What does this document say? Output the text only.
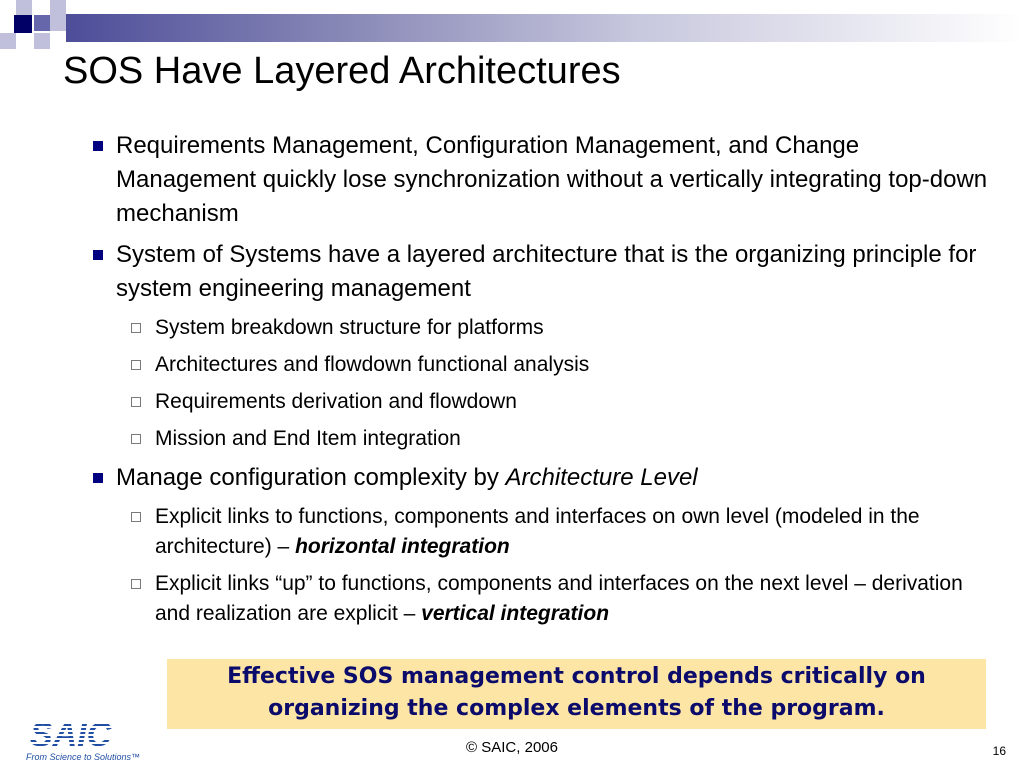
SOS Have Layered Architectures
Requirements Management, Configuration Management, and Change Management quickly lose synchronization without a vertically integrating top-down mechanism
System of Systems have a layered architecture that is the organizing principle for system engineering management
System breakdown structure for platforms
Architectures and flowdown functional analysis
Requirements derivation and flowdown
Mission and End Item integration
Manage configuration complexity by Architecture Level
Explicit links to functions, components and interfaces on own level (modeled in the architecture) – horizontal integration
Explicit links “up” to functions, components and interfaces on the next level – derivation and realization are explicit – vertical integration
Effective SOS management control depends critically on
organizing the complex elements of the program.
SAIC
From Science to Solutions™
© SAIC, 2006	16
